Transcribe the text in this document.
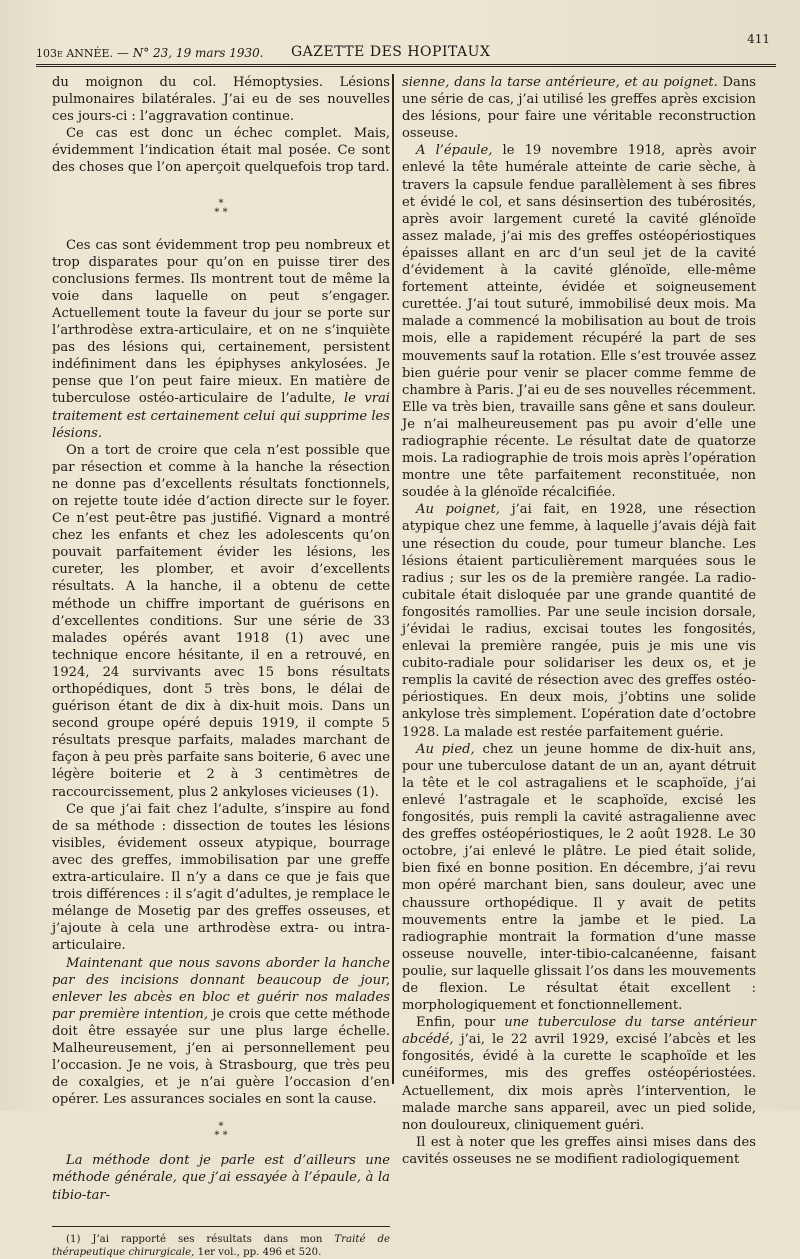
103e ANNÉE. — N° 23, 19 mars 1930. GAZETTE DES HOPITAUX
411

du moignon du col. Hémoptysies. Lésions pulmonaires bilatérales. J’ai eu de ses nouvelles ces jours-ci : l’aggravation continue.

Ce cas est donc un échec complet. Mais, évidemment l’indication était mal posée. Ce sont des choses que l’on aperçoit quelquefois trop tard.

*
* *

Ces cas sont évidemment trop peu nombreux et trop disparates pour qu’on en puisse tirer des conclusions fermes. Ils montrent tout de même la voie dans laquelle on peut s’engager. Actuellement toute la faveur du jour se porte sur l’arthrodèse extra-articulaire, et on ne s’inquiète pas des lésions qui, certainement, persistent indéfiniment dans les épiphyses ankylosées. Je pense que l’on peut faire mieux. En matière de tuberculose ostéo-articulaire de l’adulte, le vrai traitement est certainement celui qui supprime les lésions.

On a tort de croire que cela n’est possible que par résection et comme à la hanche la résection ne donne pas d’excellents résultats fonctionnels, on rejette toute idée d’action directe sur le foyer. Ce n’est peut-être pas justifié. Vignard a montré chez les enfants et chez les adolescents qu’on pouvait parfaitement évider les lésions, les cureter, les plomber, et avoir d’excellents résultats. A la hanche, il a obtenu de cette méthode un chiffre important de guérisons en d’excellentes conditions. Sur une série de 33 malades opérés avant 1918 (1) avec une technique encore hésitante, il en a retrouvé, en 1924, 24 survivants avec 15 bons résultats orthopédiques, dont 5 très bons, le délai de guérison étant de dix à dix-huit mois. Dans un second groupe opéré depuis 1919, il compte 5 résultats presque parfaits, malades marchant de façon à peu près parfaite sans boiterie, 6 avec une légère boiterie et 2 à 3 centimètres de raccourcissement, plus 2 ankyloses vicieuses (1).

Ce que j’ai fait chez l’adulte, s’inspire au fond de sa méthode : dissection de toutes les lésions visibles, évidement osseux atypique, bourrage avec des greffes, immobilisation par une greffe extra-articulaire. Il n’y a dans ce que je fais que trois différences : il s’agit d’adultes, je remplace le mélange de Mosetig par des greffes osseuses, et j’ajoute à cela une arthrodèse extra- ou intra-articulaire.

Maintenant que nous savons aborder la hanche par des incisions donnant beaucoup de jour, enlever les abcès en bloc et guérir nos malades par première intention, je crois que cette méthode doit être essayée sur une plus large échelle. Malheureusement, j’en ai personnellement peu l’occasion. Je ne vois, à Strasbourg, que très peu de coxalgies, et je n’ai guère l’occasion d’en opérer. Les assurances sociales en sont la cause.

*
* *

La méthode dont je parle est d’ailleurs une méthode générale, que j’ai essayée à l’épaule, à la tibio-tar-

(1) J’ai rapporté ses résultats dans mon Traité de thérapeutique chirurgicale, 1er vol., pp. 496 et 520.

sienne, dans la tarse antérieure, et au poignet. Dans une série de cas, j’ai utilisé les greffes après excision des lésions, pour faire une véritable reconstruction osseuse.

A l’épaule, le 19 novembre 1918, après avoir enlevé la tête humérale atteinte de carie sèche, à travers la capsule fendue parallèlement à ses fibres et évidé le col, et sans désinsertion des tubérosités, après avoir largement cureté la cavité glénoïde assez malade, j’ai mis des greffes ostéopériostiques épaisses allant en arc d’un seul jet de la cavité d’évidement à la cavité glénoïde, elle-même fortement atteinte, évidée et soigneusement curettée. J’ai tout suturé, immobilisé deux mois. Ma malade a commencé la mobilisation au bout de trois mois, elle a rapidement récupéré la part de ses mouvements sauf la rotation. Elle s’est trouvée assez bien guérie pour venir se placer comme femme de chambre à Paris. J’ai eu de ses nouvelles récemment. Elle va très bien, travaille sans gêne et sans douleur. Je n’ai malheureusement pas pu avoir d’elle une radiographie récente. Le résultat date de quatorze mois. La radiographie de trois mois après l’opération montre une tête parfaitement reconstituée, non soudée à la glénoïde récalcifiée.

Au poignet, j’ai fait, en 1928, une résection atypique chez une femme, à laquelle j’avais déjà fait une résection du coude, pour tumeur blanche. Les lésions étaient particulièrement marquées sous le radius ; sur les os de la première rangée. La radio-cubitale était disloquée par une grande quantité de fongosités ramollies. Par une seule incision dorsale, j’évidai le radius, excisai toutes les fongosités, enlevai la première rangée, puis je mis une vis cubito-radiale pour solidariser les deux os, et je remplis la cavité de résection avec des greffes ostéo-périostiques. En deux mois, j’obtins une solide ankylose très simplement. L’opération date d’octobre 1928. La malade est restée parfaitement guérie.

Au pied, chez un jeune homme de dix-huit ans, pour une tuberculose datant de un an, ayant détruit la tête et le col astragaliens et le scaphoïde, j’ai enlevé l’astragale et le scaphoïde, excisé les fongosités, puis rempli la cavité astragalienne avec des greffes ostéopériostiques, le 2 août 1928. Le 30 octobre, j’ai enlevé le plâtre. Le pied était solide, bien fixé en bonne position. En décembre, j’ai revu mon opéré marchant bien, sans douleur, avec une chaussure orthopédique. Il y avait de petits mouvements entre la jambe et le pied. La radiographie montrait la formation d’une masse osseuse nouvelle, inter-tibio-calcanéenne, faisant poulie, sur laquelle glissait l’os dans les mouvements de flexion. Le résultat était excellent : morphologiquement et fonctionnellement.

Enfin, pour une tuberculose du tarse antérieur abcédé, j’ai, le 22 avril 1929, excisé l’abcès et les fongosités, évidé à la curette le scaphoïde et les cunéiformes, mis des greffes ostéopériostées. Actuellement, dix mois après l’intervention, le malade marche sans appareil, avec un pied solide, non douloureux, cliniquement guéri.

Il est à noter que les greffes ainsi mises dans des cavités osseuses ne se modifient radiologiquement
